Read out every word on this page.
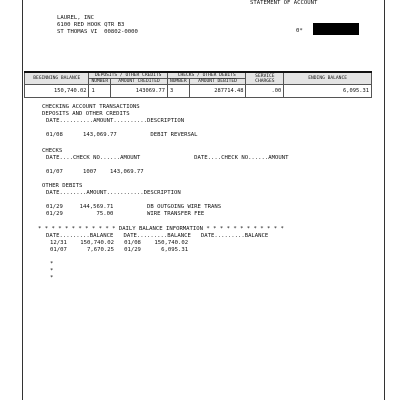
STATEMENT OF ACCOUNT
LAUREL, INC
6100 RED HOOK QTR B3
ST THOMAS VI  00802-0000	0*
BEGINNING BALANCE	DEPOSITS / OTHER CREDITS		CHECKS / OTHER DEBITS		SERVICE CHARGES	ENDING BALANCE
	NUMBER	AMOUNT CREDITED	NUMBER	AMOUNT DEBITED		
150,740.02	1	143069.77	3	287714.48	.00	6,095.31
CHECKING ACCOUNT TRANSACTIONS
DEPOSITS AND OTHER CREDITS
DATE..........AMOUNT..........DESCRIPTION
01/08      143,069.77          DEBIT REVERSAL
CHECKS
DATE....CHECK NO......AMOUNT                DATE....CHECK NO......AMOUNT
01/07      1007    143,069.77
OTHER DEBITS
DATE........AMOUNT...........DESCRIPTION
01/29     144,569.71          DB OUTGOING WIRE TRANS
01/29          75.00          WIRE TRANSFER FEE
* * * * * * * * * * * * DAILY BALANCE INFORMATION * * * * * * * * * * * *
DATE.........BALANCE   DATE.........BALANCE   DATE.........BALANCE
12/31    150,740.02   01/08    150,740.02
01/07      7,670.25   01/29      6,095.31
*
*
*
